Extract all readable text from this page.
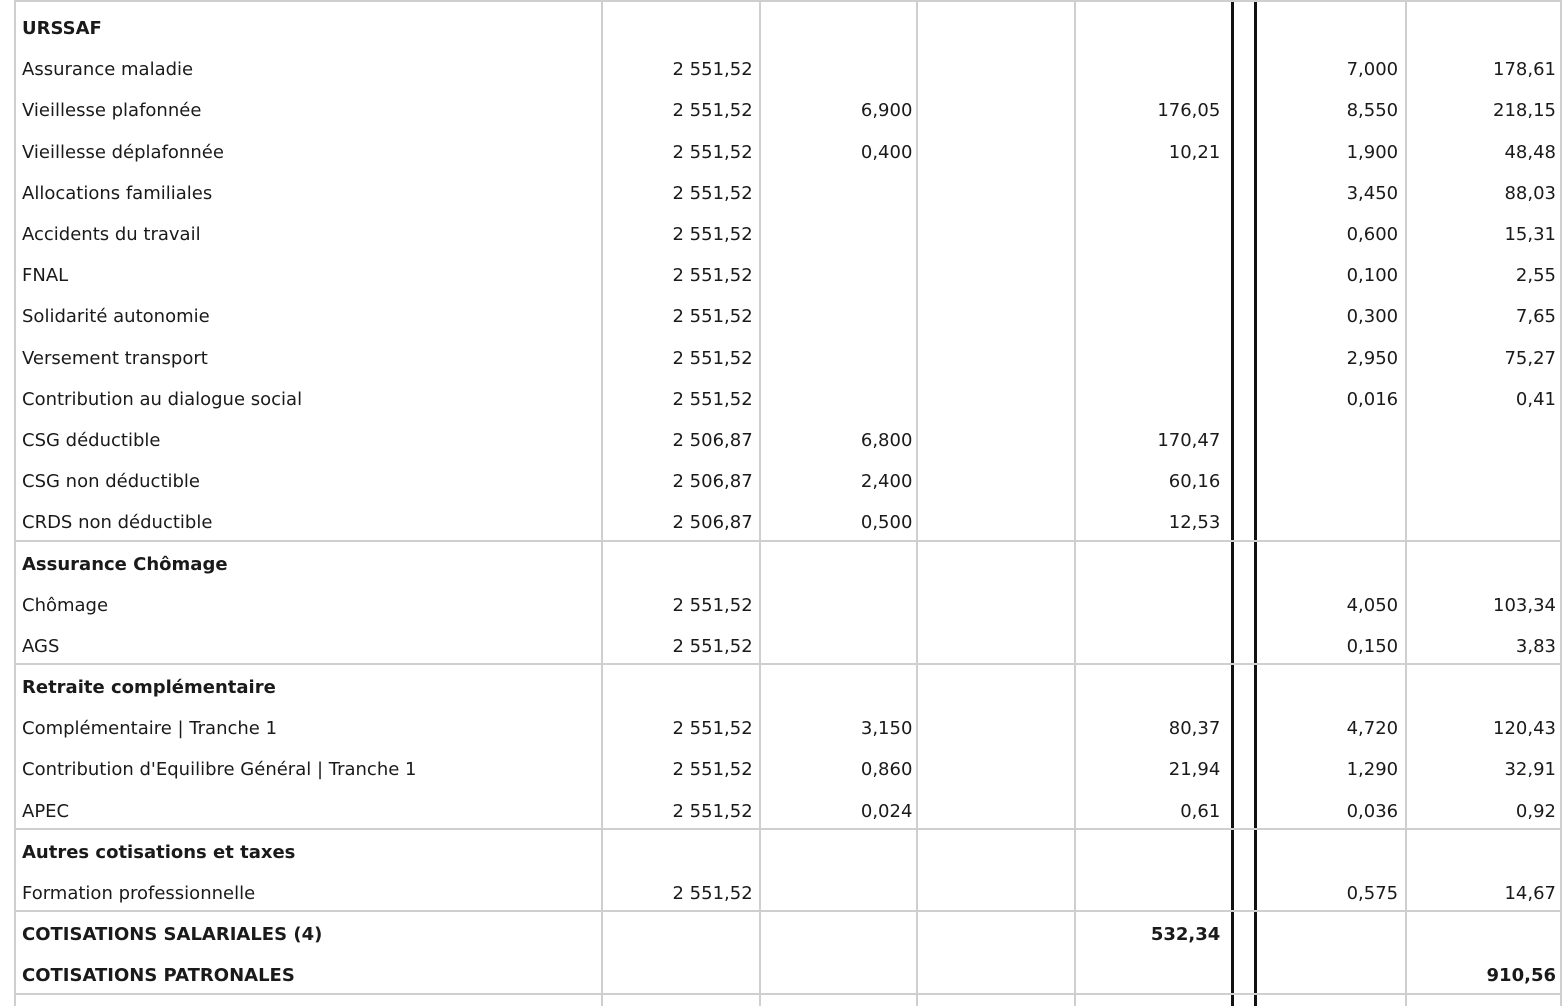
URSSAF							
Assurance maladie	2 551,52					7,000	178,61
Vieillesse plafonnée	2 551,52	6,900		176,05		8,550	218,15
Vieillesse déplafonnée	2 551,52	0,400		10,21		1,900	48,48
Allocations familiales	2 551,52					3,450	88,03
Accidents du travail	2 551,52					0,600	15,31
FNAL	2 551,52					0,100	2,55
Solidarité autonomie	2 551,52					0,300	7,65
Versement transport	2 551,52					2,950	75,27
Contribution au dialogue social	2 551,52					0,016	0,41
CSG déductible	2 506,87	6,800		170,47			
CSG non déductible	2 506,87	2,400		60,16			
CRDS non déductible	2 506,87	0,500		12,53			
Assurance Chômage							
Chômage	2 551,52					4,050	103,34
AGS	2 551,52					0,150	3,83
Retraite complémentaire							
Complémentaire | Tranche 1	2 551,52	3,150		80,37		4,720	120,43
Contribution d'Equilibre Général | Tranche 1	2 551,52	0,860		21,94		1,290	32,91
APEC	2 551,52	0,024		0,61		0,036	0,92
Autres cotisations et taxes							
Formation professionnelle	2 551,52					0,575	14,67
COTISATIONS SALARIALES (4)				532,34			
COTISATIONS PATRONALES							910,56
